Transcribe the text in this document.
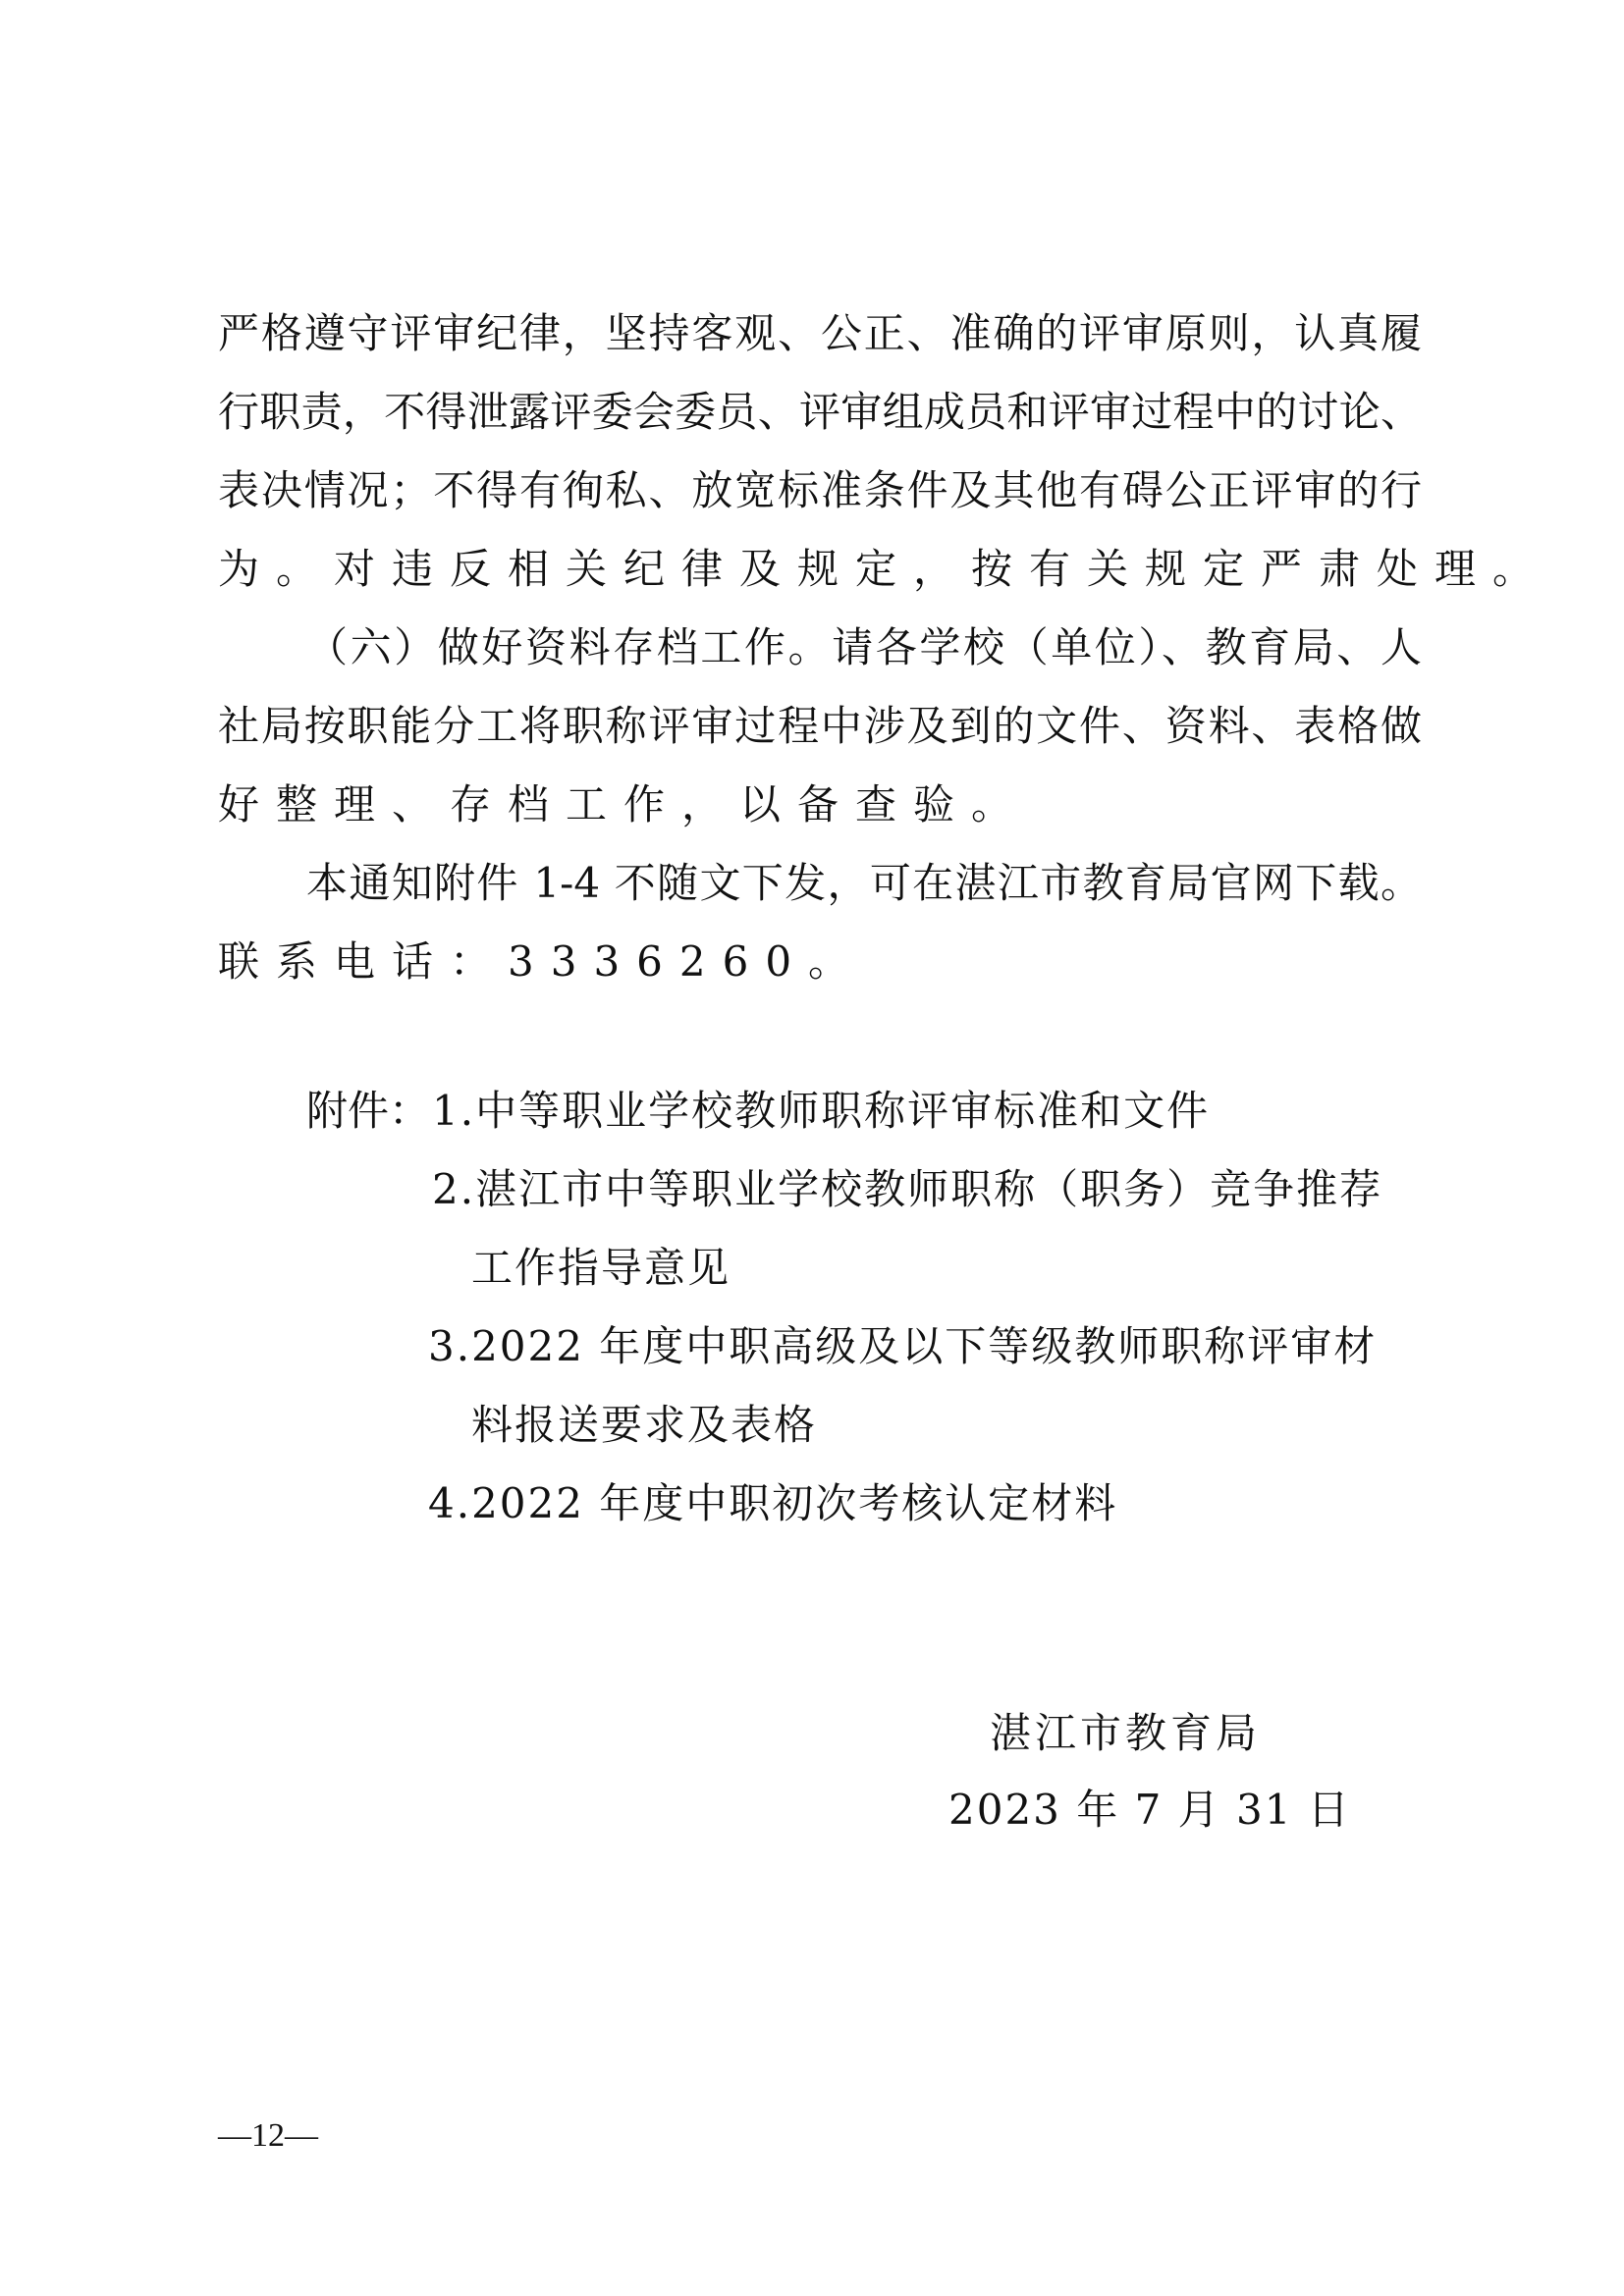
严格遵守评审纪律，坚持客观、公正、准确的评审原则，认真履
行职责，不得泄露评委会委员、评审组成员和评审过程中的讨论、
表决情况；不得有徇私、放宽标准条件及其他有碍公正评审的行
为。对违反相关纪律及规定，按有关规定严肃处理。
（六）做好资料存档工作。请各学校（单位）、教育局、人
社局按职能分工将职称评审过程中涉及到的文件、资料、表格做
好整理、存档工作，以备查验。
本通知附件 1-4 不随文下发，可在湛江市教育局官网下载。
联系电话：3336260。
附件： 1.中等职业学校教师职称评审标准和文件
2.湛江市中等职业学校教师职称（职务）竞争推荐
工作指导意见
3.2022 年度中职高级及以下等级教师职称评审材
料报送要求及表格
4.2022 年度中职初次考核认定材料
湛江市教育局
2023 年 7 月 31 日
—12—
